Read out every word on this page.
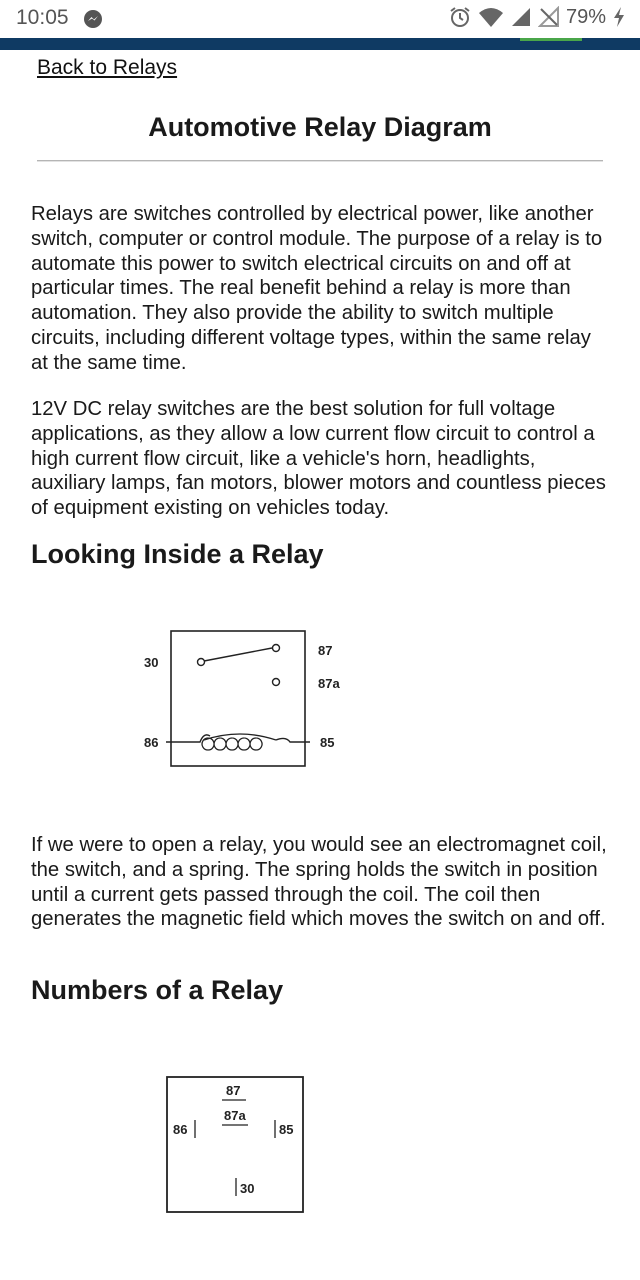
10:05	79%
Back to Relays
Automotive Relay Diagram

Relays are switches controlled by electrical power, like another switch, computer or control module. The purpose of a relay is to automate this power to switch electrical circuits on and off at particular times. The real benefit behind a relay is more than automation. They also provide the ability to switch multiple circuits, including different voltage types, within the same relay at the same time.

12V DC relay switches are the best solution for full voltage applications, as they allow a low current flow circuit to control a high current flow circuit, like a vehicle's horn, headlights, auxiliary lamps, fan motors, blower motors and countless pieces of equipment existing on vehicles today.

Looking Inside a Relay
30
87
87a
86	85

If we were to open a relay, you would see an electromagnet coil, the switch, and a spring. The spring holds the switch in position until a current gets passed through the coil. The coil then generates the magnetic field which moves the switch on and off.

Numbers of a Relay
87
87a
86	85
30
